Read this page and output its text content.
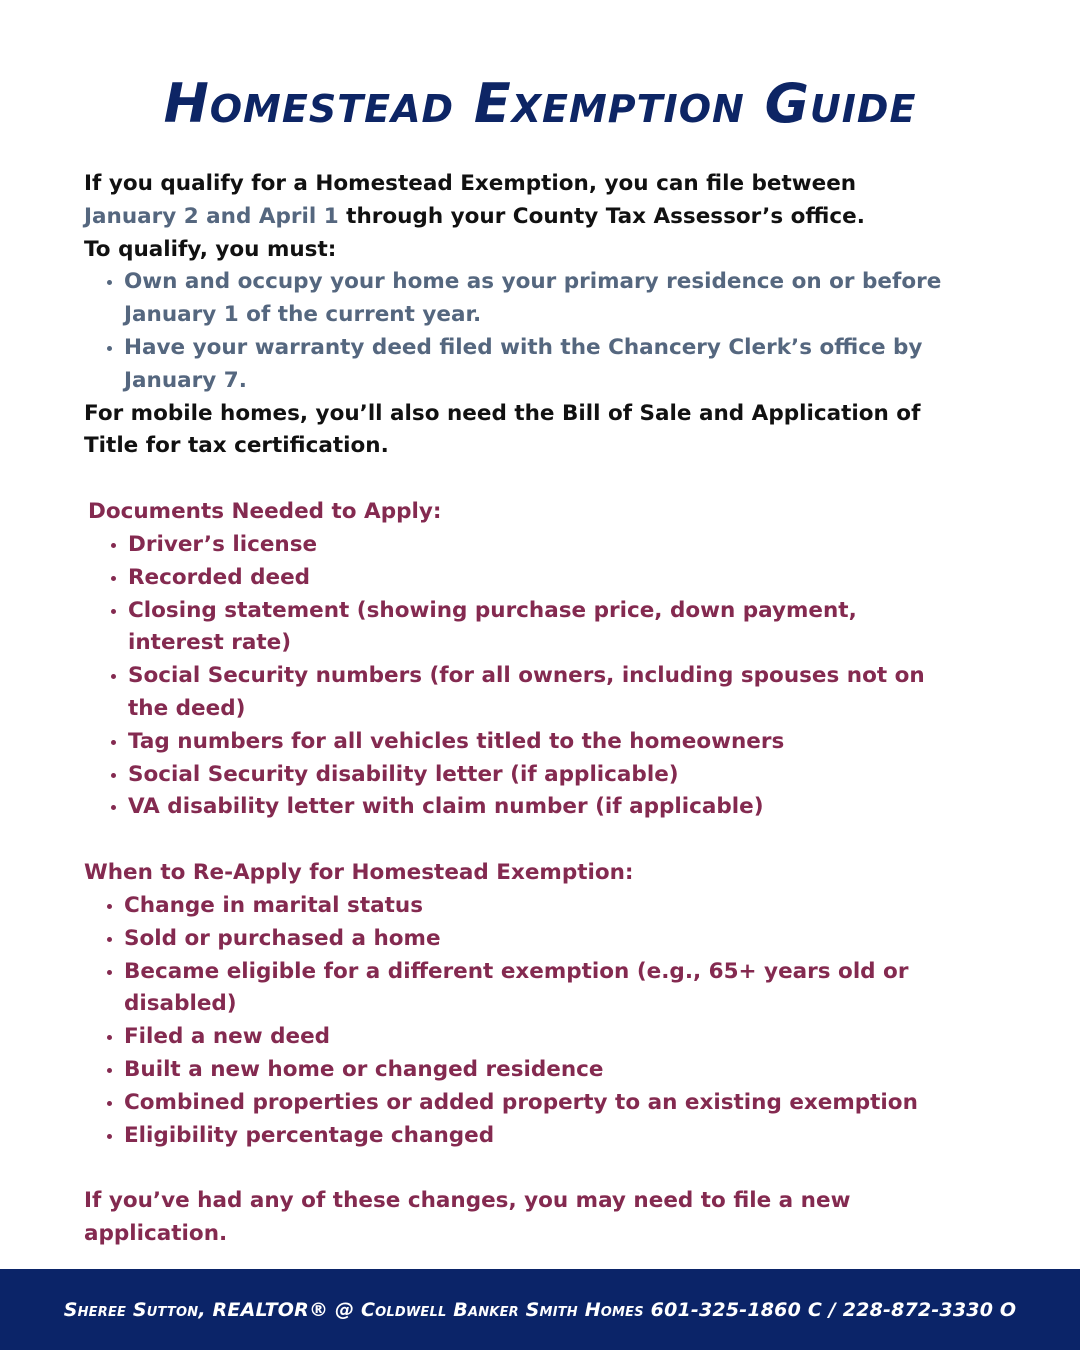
Homestead Exemption Guide
If you qualify for a Homestead Exemption, you can file between
January 2 and April 1 through your County Tax Assessor’s office.
To qualify, you must:
• Own and occupy your home as your primary residence on or before January 1 of the current year.
• Have your warranty deed filed with the Chancery Clerk’s office by January 7.
For mobile homes, you’ll also need the Bill of Sale and Application of Title for tax certification.
Documents Needed to Apply:
• Driver’s license
• Recorded deed
• Closing statement (showing purchase price, down payment, interest rate)
• Social Security numbers (for all owners, including spouses not on the deed)
• Tag numbers for all vehicles titled to the homeowners
• Social Security disability letter (if applicable)
• VA disability letter with claim number (if applicable)
When to Re-Apply for Homestead Exemption:
• Change in marital status
• Sold or purchased a home
• Became eligible for a different exemption (e.g., 65+ years old or disabled)
• Filed a new deed
• Built a new home or changed residence
• Combined properties or added property to an existing exemption
• Eligibility percentage changed
If you’ve had any of these changes, you may need to file a new application.
Sheree Sutton, REALTOR® @ Coldwell Banker Smith Homes 601-325-1860 C / 228-872-3330 O
